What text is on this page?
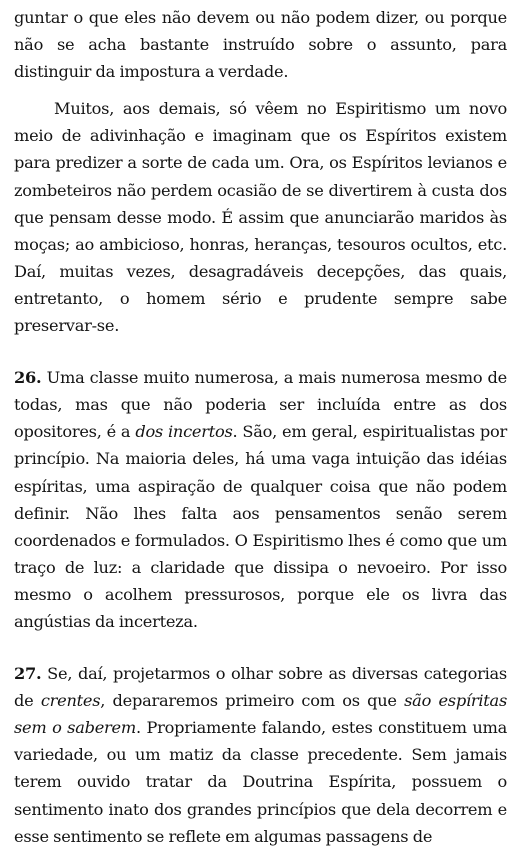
guntar o que eles não devem ou não podem dizer, ou porque não se acha bastante instruído sobre o assunto, para distinguir da impostura a verdade.

Muitos, aos demais, só vêem no Espiritismo um novo meio de adivinhação e imaginam que os Espíritos existem para predizer a sorte de cada um. Ora, os Espíritos levianos e zombeteiros não perdem ocasião de se divertirem à custa dos que pensam desse modo. É assim que anunciarão maridos às moças; ao ambicioso, honras, heranças, tesouros ocultos, etc. Daí, muitas vezes, desagradáveis decepções, das quais, entretanto, o homem sério e prudente sempre sabe preservar-se.

26. Uma classe muito numerosa, a mais numerosa mesmo de todas, mas que não poderia ser incluída entre as dos opositores, é a dos incertos. São, em geral, espiritualistas por princípio. Na maioria deles, há uma vaga intuição das idéias espíritas, uma aspiração de qualquer coisa que não podem definir. Não lhes falta aos pensamentos senão serem coordenados e formulados. O Espiritismo lhes é como que um traço de luz: a claridade que dissipa o nevoeiro. Por isso mesmo o acolhem pressurosos, porque ele os livra das angústias da incerteza.

27. Se, daí, projetarmos o olhar sobre as diversas categorias de crentes, depararemos primeiro com os que são espíritas sem o saberem. Propriamente falando, estes constituem uma variedade, ou um matiz da classe precedente. Sem jamais terem ouvido tratar da Doutrina Espírita, possuem o sentimento inato dos grandes princípios que dela decorrem e esse sentimento se reflete em algumas passagens de
